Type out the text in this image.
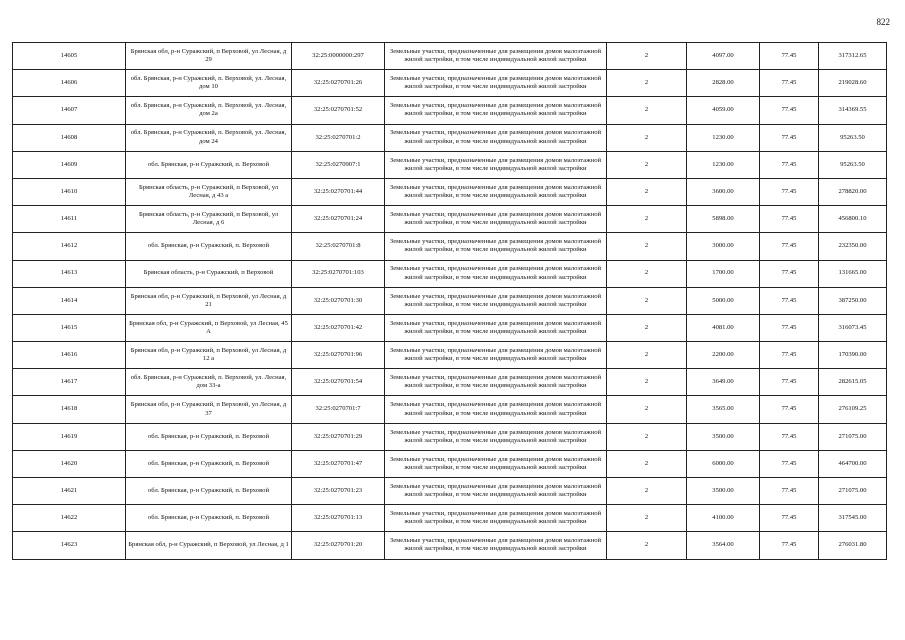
822
14605	Брянская обл, р-н Суражский, п Верховой, ул Лесная, д 29	32:25:0000000:297	Земельные участки, предназначенные для размещения домов малоэтажной жилой застройки, в том числе индивидуальной жилой застройки	2	4097.00	77.45	317312.65
14606	обл. Брянская, р-н Суражский, п. Верховой, ул. Лесная, дом 10	32:25:0270701:26	Земельные участки, предназначенные для размещения домов малоэтажной жилой застройки, в том числе индивидуальной жилой застройки	2	2828.00	77.45	219028.60
14607	обл. Брянская, р-н Суражский, п. Верховой, ул. Лесная, дом 2а	32:25:0270701:52	Земельные участки, предназначенные для размещения домов малоэтажной жилой застройки, в том числе индивидуальной жилой застройки	2	4059.00	77.45	314369.55
14608	обл. Брянская, р-н Суражский, п. Верховой, ул. Лесная, дом 24	32:25:0270701:2	Земельные участки, предназначенные для размещения домов малоэтажной жилой застройки, в том числе индивидуальной жилой застройки	2	1230.00	77.45	95263.50
14609	обл. Брянская, р-н Суражский, п. Верховой	32:25:0270907:1	Земельные участки, предназначенные для размещения домов малоэтажной жилой застройки, в том числе индивидуальной жилой застройки	2	1230.00	77.45	95263.50
14610	Брянская область, р-н Суражский, п Верховой, ул Лесная, д 43 а	32:25:0270701:44	Земельные участки, предназначенные для размещения домов малоэтажной жилой застройки, в том числе индивидуальной жилой застройки	2	3600.00	77.45	278820.00
14611	Брянская область, р-н Суражский, п Верховой, ул Лесная, д 6	32:25:0270701:24	Земельные участки, предназначенные для размещения домов малоэтажной жилой застройки, в том числе индивидуальной жилой застройки	2	5898.00	77.45	456800.10
14612	обл. Брянская, р-н Суражский, п. Верховой	32:25:0270701:8	Земельные участки, предназначенные для размещения домов малоэтажной жилой застройки, в том числе индивидуальной жилой застройки	2	3000.00	77.45	232350.00
14613	Брянская область, р-н Суражский, п Верховой	32:25:0270701:103	Земельные участки, предназначенные для размещения домов малоэтажной жилой застройки, в том числе индивидуальной жилой застройки	2	1700.00	77.45	131665.00
14614	Брянская обл, р-н Суражский, п Верховой, ул Лесная, д 21	32:25:0270701:30	Земельные участки, предназначенные для размещения домов малоэтажной жилой застройки, в том числе индивидуальной жилой застройки	2	5000.00	77.45	387250.00
14615	Брянская обл, р-н Суражский, п Верховой, ул Лесная, 45 А	32:25:0270701:42	Земельные участки, предназначенные для размещения домов малоэтажной жилой застройки, в том числе индивидуальной жилой застройки	2	4081.00	77.45	316073.45
14616	Брянская обл, р-н Суражский, п Верховой, ул Лесная, д 12 а	32:25:0270701:96	Земельные участки, предназначенные для размещения домов малоэтажной жилой застройки, в том числе индивидуальной жилой застройки	2	2200.00	77.45	170390.00
14617	обл. Брянская, р-н Суражский, п. Верховой, ул. Лесная, дом 33-а	32:25:0270701:54	Земельные участки, предназначенные для размещения домов малоэтажной жилой застройки, в том числе индивидуальной жилой застройки	2	3649.00	77.45	282615.05
14618	Брянская обл, р-н Суражский, п Верховой, ул Лесная, д 37	32:25:0270701:7	Земельные участки, предназначенные для размещения домов малоэтажной жилой застройки, в том числе индивидуальной жилой застройки	2	3565.00	77.45	276109.25
14619	обл. Брянская, р-н Суражский, п. Верховой	32:25:0270701:29	Земельные участки, предназначенные для размещения домов малоэтажной жилой застройки, в том числе индивидуальной жилой застройки	2	3500.00	77.45	271075.00
14620	обл. Брянская, р-н Суражский, п. Верховой	32:25:0270701:47	Земельные участки, предназначенные для размещения домов малоэтажной жилой застройки, в том числе индивидуальной жилой застройки	2	6000.00	77.45	464700.00
14621	обл. Брянская, р-н Суражский, п. Верховой	32:25:0270701:23	Земельные участки, предназначенные для размещения домов малоэтажной жилой застройки, в том числе индивидуальной жилой застройки	2	3500.00	77.45	271075.00
14622	обл. Брянская, р-н Суражский, п. Верховой	32:25:0270701:13	Земельные участки, предназначенные для размещения домов малоэтажной жилой застройки, в том числе индивидуальной жилой застройки	2	4100.00	77.45	317545.00
14623	Брянская обл, р-н Суражский, п Верховой, ул Лесная, д 1	32:25:0270701:20	Земельные участки, предназначенные для размещения домов малоэтажной жилой застройки, в том числе индивидуальной жилой застройки	2	3564.00	77.45	276031.80
